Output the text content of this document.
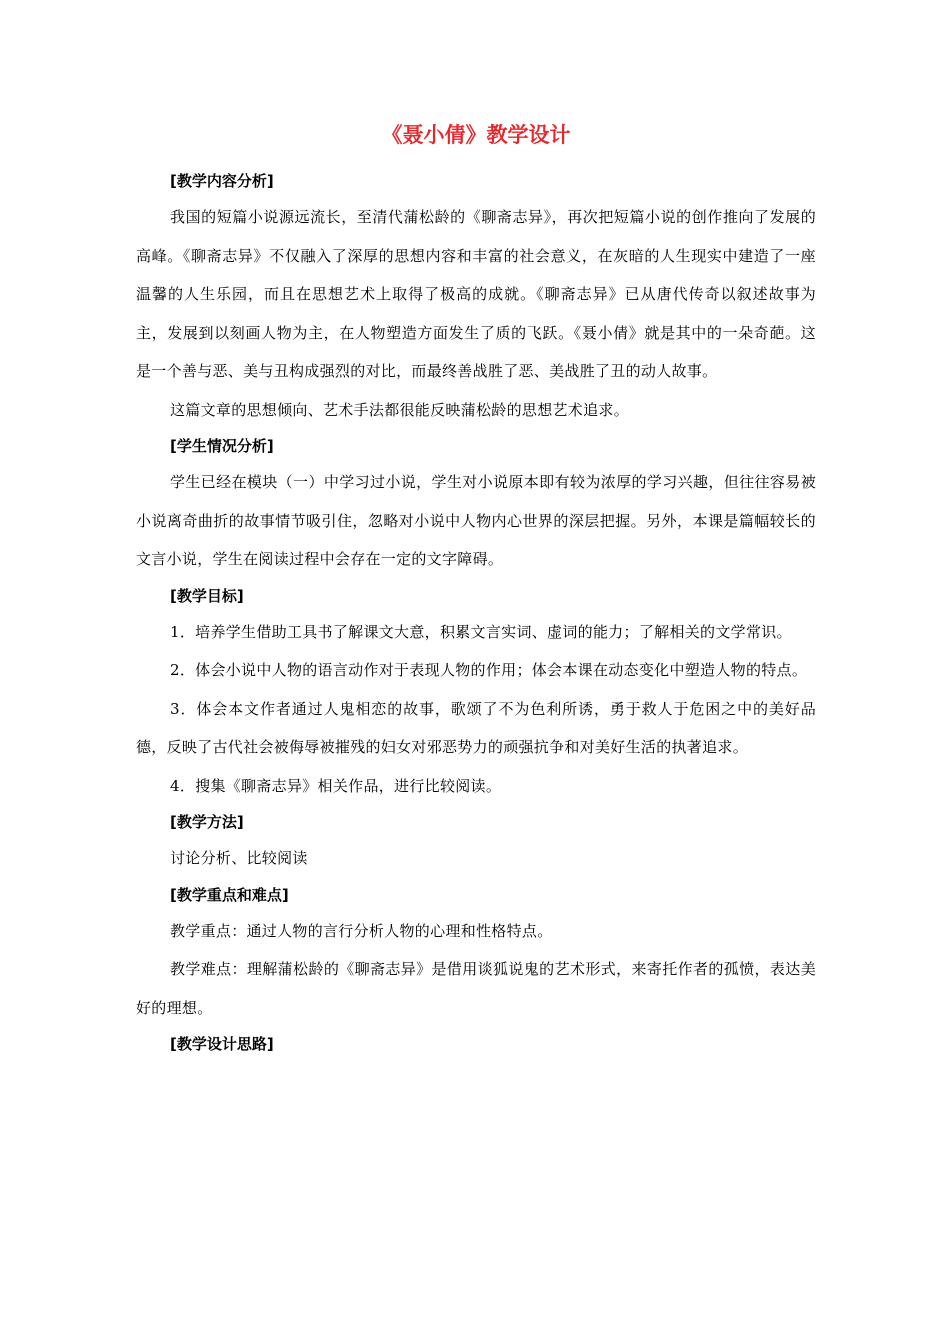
《聂小倩》教学设计
[教学内容分析]

我国的短篇小说源远流长，至清代蒲松龄的《聊斋志异》，再次把短篇小说的创作推向了发展的高峰。《聊斋志异》不仅融入了深厚的思想内容和丰富的社会意义，在灰暗的人生现实中建造了一座温馨的人生乐园，而且在思想艺术上取得了极高的成就。《聊斋志异》已从唐代传奇以叙述故事为主，发展到以刻画人物为主，在人物塑造方面发生了质的飞跃。《聂小倩》就是其中的一朵奇葩。这是一个善与恶、美与丑构成强烈的对比，而最终善战胜了恶、美战胜了丑的动人故事。

这篇文章的思想倾向、艺术手法都很能反映蒲松龄的思想艺术追求。

[学生情况分析]

学生已经在模块（一）中学习过小说，学生对小说原本即有较为浓厚的学习兴趣，但往往容易被小说离奇曲折的故事情节吸引住，忽略对小说中人物内心世界的深层把握。另外，本课是篇幅较长的文言小说，学生在阅读过程中会存在一定的文字障碍。

[教学目标]

1．培养学生借助工具书了解课文大意，积累文言实词、虚词的能力；了解相关的文学常识。

2．体会小说中人物的语言动作对于表现人物的作用；体会本课在动态变化中塑造人物的特点。

3．体会本文作者通过人鬼相恋的故事，歌颂了不为色利所诱，勇于救人于危困之中的美好品德，反映了古代社会被侮辱被摧残的妇女对邪恶势力的顽强抗争和对美好生活的执著追求。

4．搜集《聊斋志异》相关作品，进行比较阅读。

[教学方法]

讨论分析、比较阅读

[教学重点和难点]

教学重点：通过人物的言行分析人物的心理和性格特点。

教学难点：理解蒲松龄的《聊斋志异》是借用谈狐说鬼的艺术形式，来寄托作者的孤愤，表达美好的理想。

[教学设计思路]
